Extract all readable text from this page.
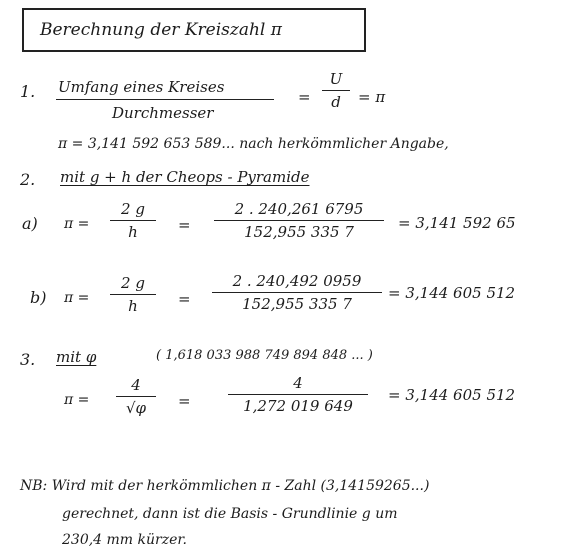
Berechnung der Kreiszahl π
1. Umfang eines Kreises
Durchmesser
=
U
d	= π
π = 3,141 592 653 589... nach herkömmlicher Angabe,
2. mit g + h der Cheops - Pyramide
a) π =
2 g
h	=
2 . 240,261 6795
152,955 335 7	= 3,141 592 65
b) π =
2 g
h	=
2 . 240,492 0959
152,955 335 7
= 3,144 605 512
3. mit φ	( 1,618 033 988 749 894 848 ... )
π =
4
√φ	=
4
1,272 019 649
= 3,144 605 512
NB: Wird mit der herkömmlichen π - Zahl (3,14159265...)
gerechnet, dann ist die Basis - Grundlinie g um
230,4 mm kürzer.
